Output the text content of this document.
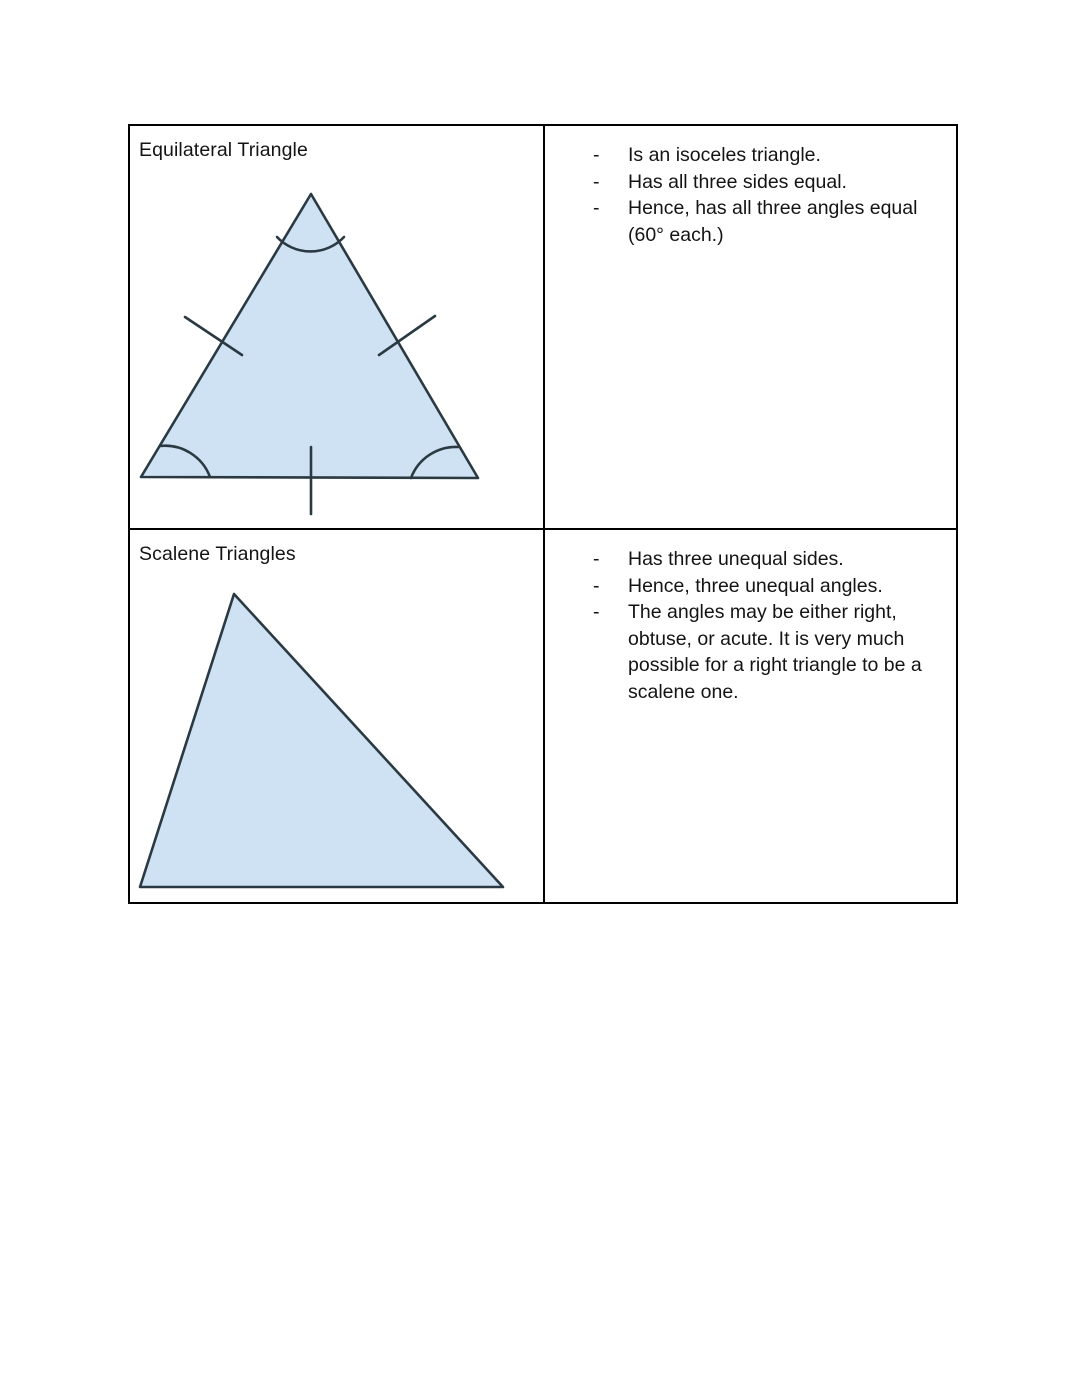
Equilateral Triangle	- Is an isoceles triangle.
- Has all three sides equal.
- Hence, has all three angles equal (60° each.)

Scalene Triangles	- Has three unequal sides.
- Hence, three unequal angles.
- The angles may be either right, obtuse, or acute. It is very much possible for a right triangle to be a scalene one.
